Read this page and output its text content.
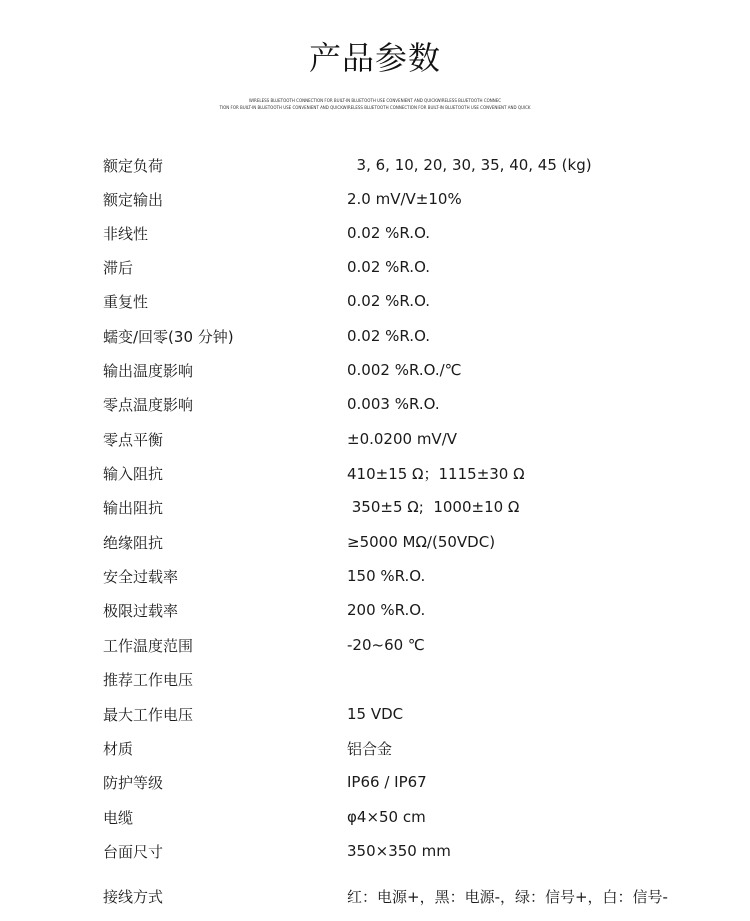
产品参数
WIRELESS BLUETOOTH CONNECTION FOR BUILT-IN BLUETOOTH USE CONVENIENT AND QUICKWIRELESS BLUETOOTH CONNEC
TION FOR BUILT-IN BLUETOOTH USE CONVENIENT AND QUICKWIRELESS BLUETOOTH CONNECTION FOR BUILT-IN BLUETOOTH USE CONVENIENT AND QUICK
额定负荷	3, 6, 10, 20, 30, 35, 40, 45 (kg)
额定输出	2.0 mV/V±10%
非线性	0.02 %R.O.
滞后	0.02 %R.O.
重复性	0.02 %R.O.
蠕变/回零(30 分钟)	0.02 %R.O.
输出温度影响	0.002 %R.O./℃
零点温度影响	0.003 %R.O.
零点平衡	±0.0200 mV/V
输入阻抗	410±15 Ω；1115±30 Ω
输出阻抗	350±5 Ω;  1000±10 Ω
绝缘阻抗	≥5000 MΩ/(50VDC)
安全过载率	150 %R.O.
极限过载率	200 %R.O.
工作温度范围	-20~60 ℃
推荐工作电压
最大工作电压	15 VDC
材质	铝合金
防护等级	IP66 / IP67
电缆	φ4×50 cm
台面尺寸	350×350 mm
接线方式	红：电源+，黑：电源-，绿：信号+，白：信号-
